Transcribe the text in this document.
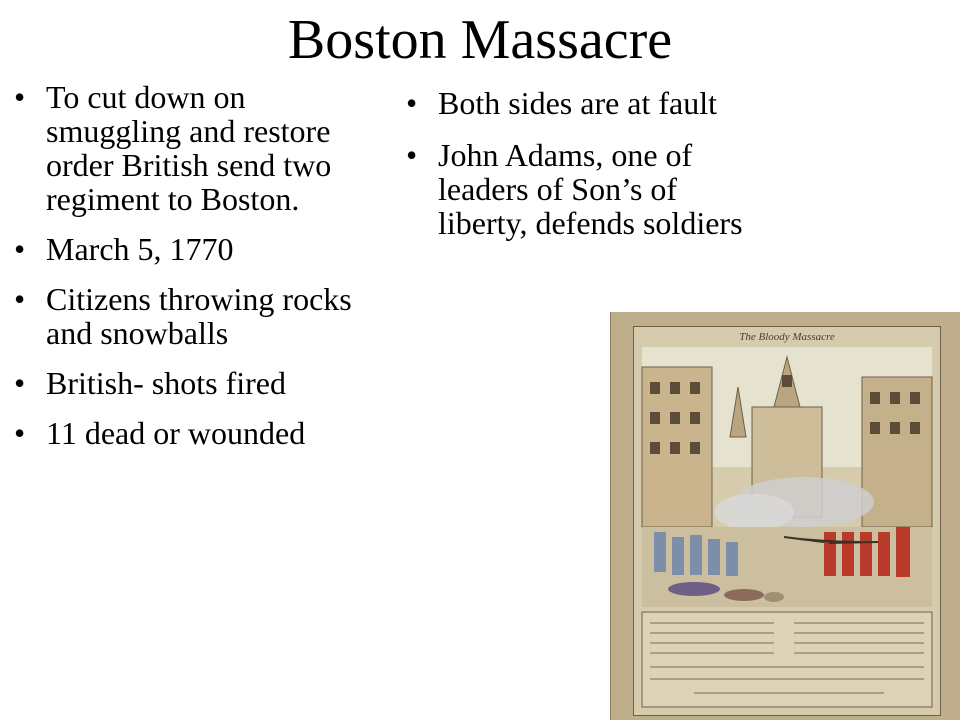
Boston Massacre
• To cut down on smuggling and restore order British send two regiment to Boston.
• March 5, 1770
• Citizens throwing rocks and snowballs
• British- shots fired
• 11 dead or wounded
• Both sides are at fault
• John Adams, one of leaders of Son’s of liberty, defends soldiers
The Bloody Massacre
